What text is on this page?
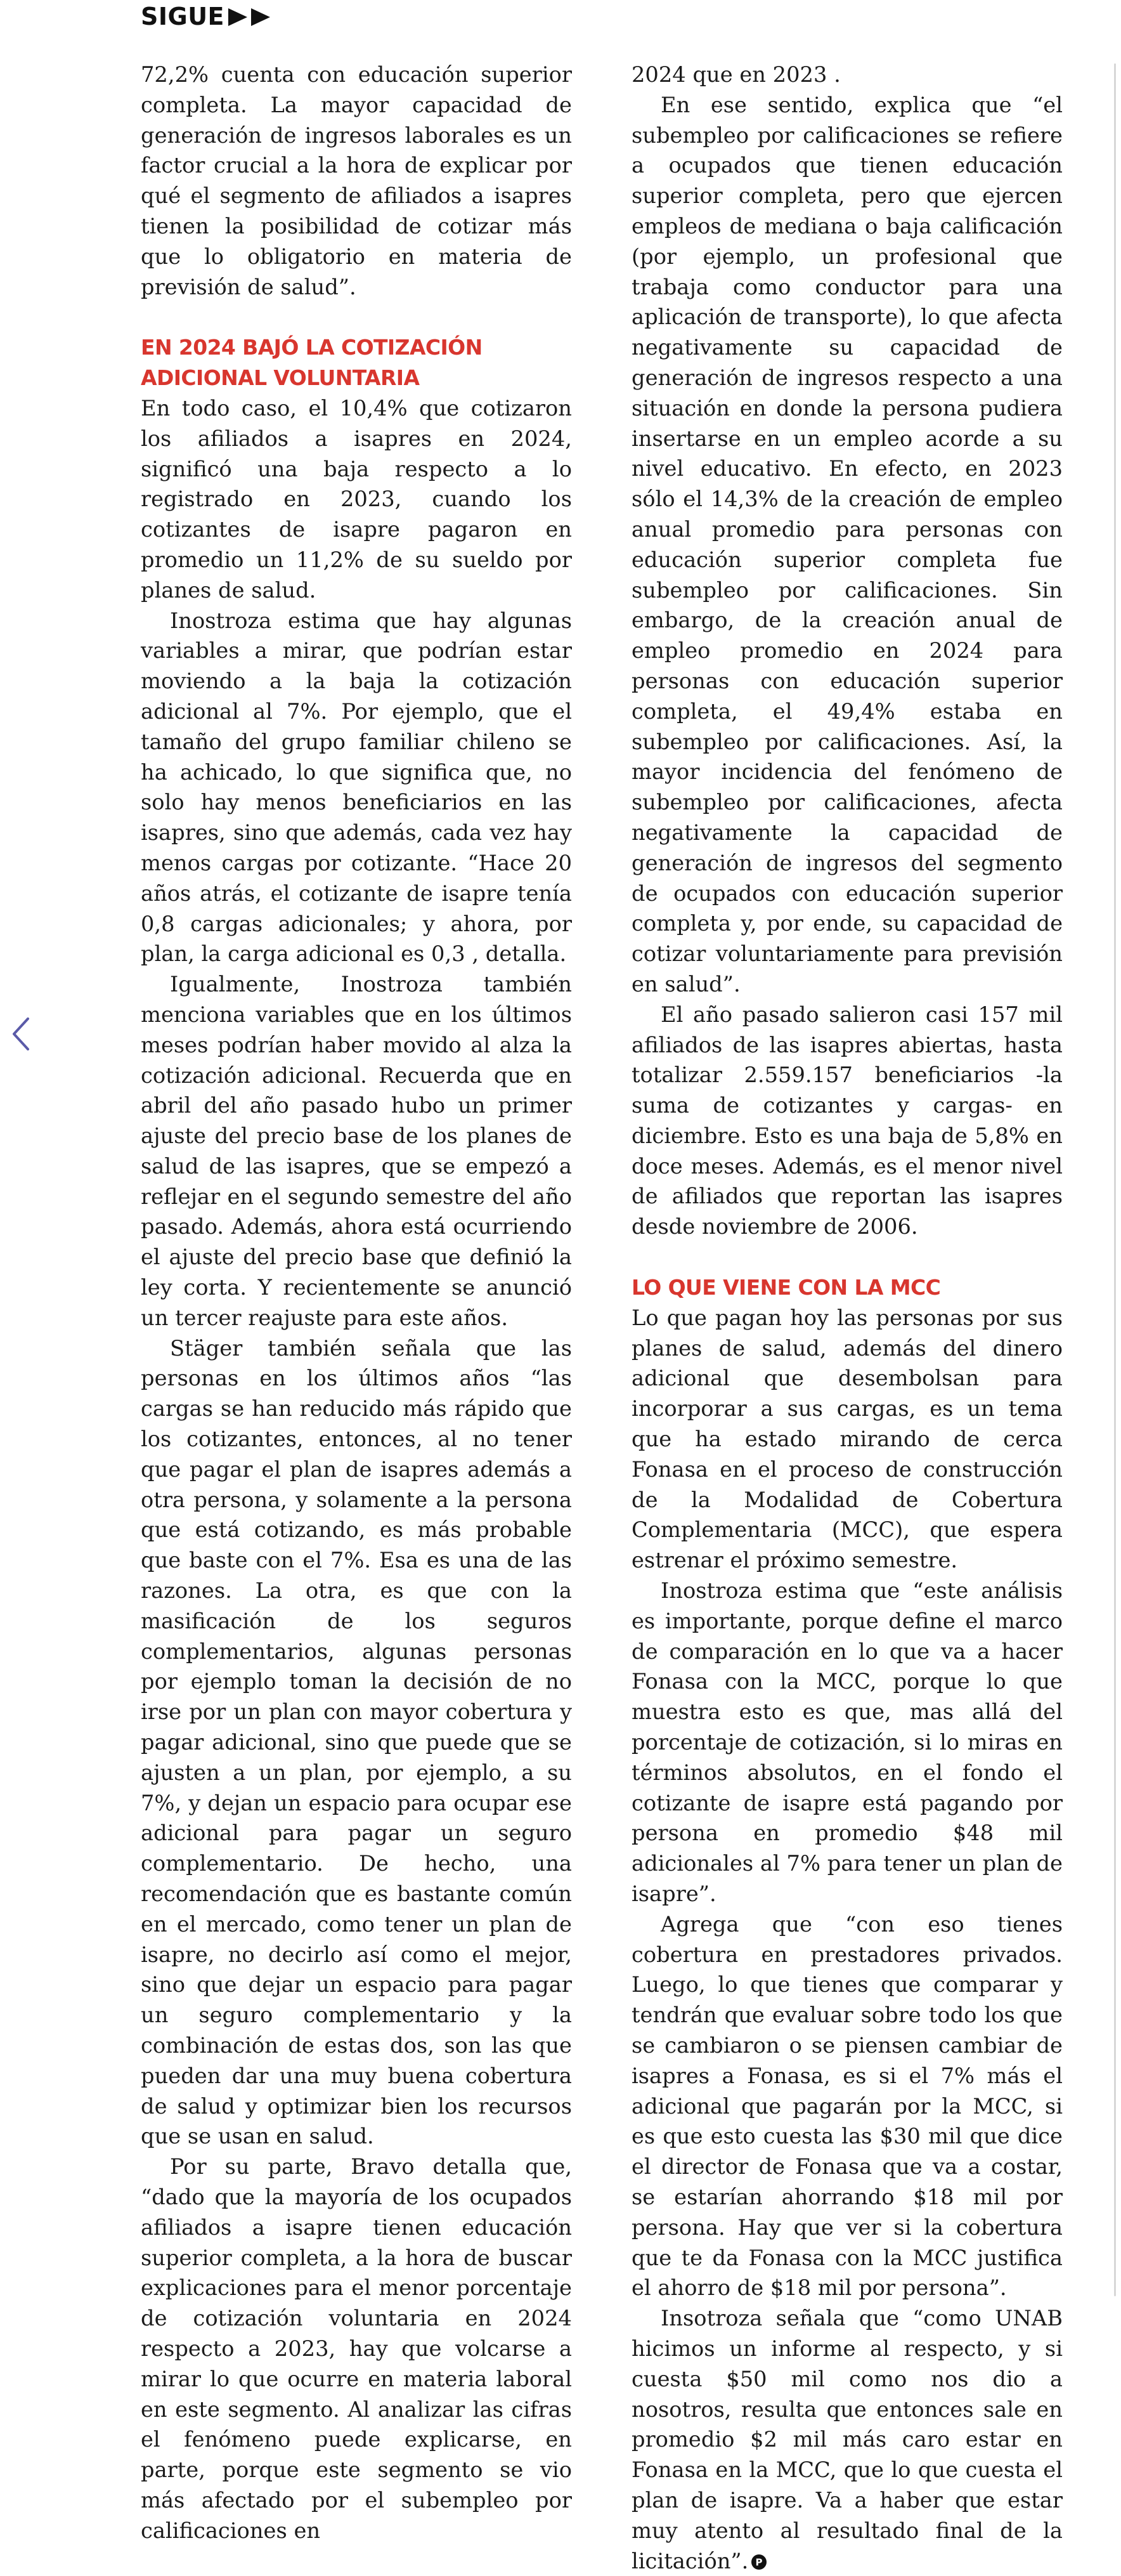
SIGUE

72,2% cuenta con educación superior completa. La mayor capacidad de generación de ingresos laborales es un factor crucial a la hora de explicar por qué el segmento de afiliados a isapres tienen la posibilidad de cotizar más que lo obligatorio en materia de previsión de salud”.

EN 2024 BAJÓ LA COTIZACIÓN ADICIONAL VOLUNTARIA

En todo caso, el 10,4% que cotizaron los afiliados a isapres en 2024, significó una baja respecto a lo registrado en 2023, cuando los cotizantes de isapre pagaron en promedio un 11,2% de su sueldo por planes de salud.

Inostroza estima que hay algunas variables a mirar, que podrían estar moviendo a la baja la cotización adicional al 7%. Por ejemplo, que el tamaño del grupo familiar chileno se ha achicado, lo que significa que, no solo hay menos beneficiarios en las isapres, sino que además, cada vez hay menos cargas por cotizante. “Hace 20 años atrás, el cotizante de isapre tenía 0,8 cargas adicionales; y ahora, por plan, la carga adicional es 0,3 , detalla.

Igualmente, Inostroza también menciona variables que en los últimos meses podrían haber movido al alza la cotización adicional. Recuerda que en abril del año pasado hubo un primer ajuste del precio base de los planes de salud de las isapres, que se empezó a reflejar en el segundo semestre del año pasado. Además, ahora está ocurriendo el ajuste del precio base que definió la ley corta. Y recientemente se anunció un tercer reajuste para este años.

Stäger también señala que las personas en los últimos años “las cargas se han reducido más rápido que los cotizantes, entonces, al no tener que pagar el plan de isapres además a otra persona, y solamente a la persona que está cotizando, es más probable que baste con el 7%. Esa es una de las razones. La otra, es que con la masificación de los seguros complementarios, algunas personas por ejemplo toman la decisión de no irse por un plan con mayor cobertura y pagar adicional, sino que puede que se ajusten a un plan, por ejemplo, a su 7%, y dejan un espacio para ocupar ese adicional para pagar un seguro complementario. De hecho, una recomendación que es bastante común en el mercado, como tener un plan de isapre, no decirlo así como el mejor, sino que dejar un espacio para pagar un seguro complementario y la combinación de estas dos, son las que pueden dar una muy buena cobertura de salud y optimizar bien los recursos que se usan en salud.

Por su parte, Bravo detalla que, “dado que la mayoría de los ocupados afiliados a isapre tienen educación superior completa, a la hora de buscar explicaciones para el menor porcentaje de cotización voluntaria en 2024 respecto a 2023, hay que volcarse a mirar lo que ocurre en materia laboral en este segmento. Al analizar las cifras el fenómeno puede explicarse, en parte, porque este segmento se vio más afectado por el subempleo por calificaciones en

2024 que en 2023 .

En ese sentido, explica que “el subempleo por calificaciones se refiere a ocupados que tienen educación superior completa, pero que ejercen empleos de mediana o baja calificación (por ejemplo, un profesional que trabaja como conductor para una aplicación de transporte), lo que afecta negativamente su capacidad de generación de ingresos respecto a una situación en donde la persona pudiera insertarse en un empleo acorde a su nivel educativo. En efecto, en 2023 sólo el 14,3% de la creación de empleo anual promedio para personas con educación superior completa fue subempleo por calificaciones. Sin embargo, de la creación anual de empleo promedio en 2024 para personas con educación superior completa, el 49,4% estaba en subempleo por calificaciones. Así, la mayor incidencia del fenómeno de subempleo por calificaciones, afecta negativamente la capacidad de generación de ingresos del segmento de ocupados con educación superior completa y, por ende, su capacidad de cotizar voluntariamente para previsión en salud”.

El año pasado salieron casi 157 mil afiliados de las isapres abiertas, hasta totalizar 2.559.157 beneficiarios -la suma de cotizantes y cargas- en diciembre. Esto es una baja de 5,8% en doce meses. Además, es el menor nivel de afiliados que reportan las isapres desde noviembre de 2006.

LO QUE VIENE CON LA MCC

Lo que pagan hoy las personas por sus planes de salud, además del dinero adicional que desembolsan para incorporar a sus cargas, es un tema que ha estado mirando de cerca Fonasa en el proceso de construcción de la Modalidad de Cobertura Complementaria (MCC), que espera estrenar el próximo semestre.

Inostroza estima que “este análisis es importante, porque define el marco de comparación en lo que va a hacer Fonasa con la MCC, porque lo que muestra esto es que, mas allá del porcentaje de cotización, si lo miras en términos absolutos, en el fondo el cotizante de isapre está pagando por persona en promedio $48 mil adicionales al 7% para tener un plan de isapre”.

Agrega que “con eso tienes cobertura en prestadores privados. Luego, lo que tienes que comparar y tendrán que evaluar sobre todo los que se cambiaron o se piensen cambiar de isapres a Fonasa, es si el 7% más el adicional que pagarán por la MCC, si es que esto cuesta las $30 mil que dice el director de Fonasa que va a costar, se estarían ahorrando $18 mil por persona. Hay que ver si la cobertura que te da Fonasa con la MCC justifica el ahorro de $18 mil por persona”.

Insotroza señala que “como UNAB hicimos un informe al respecto, y si cuesta $50 mil como nos dio a nosotros, resulta que entonces sale en promedio $2 mil más caro estar en Fonasa en la MCC, que lo que cuesta el plan de isapre. Va a haber que estar muy atento al resultado final de la licitación”. P
